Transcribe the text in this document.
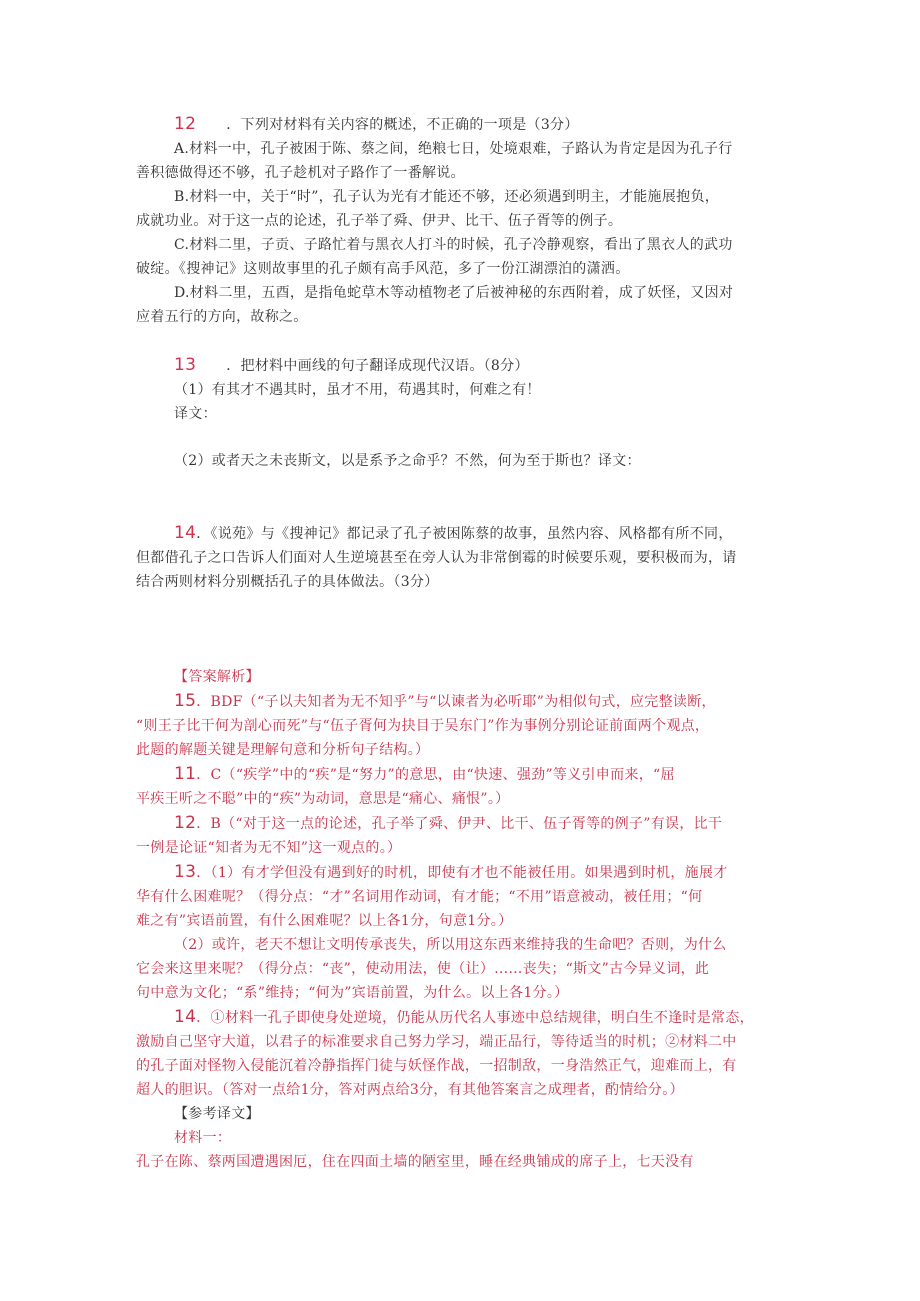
12 ．下列对材料有关内容的概述，不正确的一项是（3分）
A.材料一中，孔子被困于陈、蔡之间，绝粮七日，处境艰难，子路认为肯定是因为孔子行
善积德做得还不够，孔子趁机对子路作了一番解说。
B.材料一中，关于“时”，孔子认为光有才能还不够，还必须遇到明主，才能施展抱负，
成就功业。对于这一点的论述，孔子举了舜、伊尹、比干、伍子胥等的例子。
C.材料二里，子贡、子路忙着与黑衣人打斗的时候，孔子冷静观察，看出了黑衣人的武功
破绽。《搜神记》这则故事里的孔子颇有高手风范，多了一份江湖漂泊的潇洒。
D.材料二里，五酉，是指龟蛇草木等动植物老了后被神秘的东西附着，成了妖怪，又因对
应着五行的方向，故称之。
13 ．把材料中画线的句子翻译成现代汉语。（8分）
（1）有其才不遇其时，虽才不用，苟遇其时，何难之有！
译文：
（2）或者天之未丧斯文，以是系予之命乎？不然，何为至于斯也？译文：
14．《说苑》与《搜神记》都记录了孔子被困陈蔡的故事，虽然内容、风格都有所不同，
但都借孔子之口告诉人们面对人生逆境甚至在旁人认为非常倒霉的时候要乐观，要积极而为，请
结合两则材料分别概括孔子的具体做法。（3分）
【答案解析】
15．BDF（“子以夫知者为无不知乎”与“以谏者为必听耶”为相似句式，应完整读断，
“则王子比干何为剖心而死”与“伍子胥何为抉目于吴东门”作为事例分别论证前面两个观点，
此题的解题关键是理解句意和分析句子结构。）
11．C（“疾学”中的“疾”是“努力”的意思，由“快速、强劲”等义引申而来，“屈
平疾王听之不聪”中的“疾”为动词，意思是“痛心、痛恨”。）
12．B（“对于这一点的论述，孔子举了舜、伊尹、比干、伍子胥等的例子”有误，比干
一例是论证“知者为无不知”这一观点的。）
13．（1）有才学但没有遇到好的时机，即使有才也不能被任用。如果遇到时机，施展才
华有什么困难呢？（得分点：“才”名词用作动词，有才能；“不用”语意被动，被任用；“何
难之有”宾语前置，有什么困难呢？以上各1分，句意1分。）
（2）或许，老天不想让文明传承丧失，所以用这东西来维持我的生命吧？否则，为什么
它会来这里来呢？（得分点：“丧”，使动用法，使（让）……丧失；“斯文”古今异义词，此
句中意为文化；“系”维持；“何为”宾语前置，为什么。以上各1分。）
14．①材料一孔子即使身处逆境，仍能从历代名人事迹中总结规律，明白生不逢时是常态，
激励自己坚守大道，以君子的标准要求自己努力学习，端正品行，等待适当的时机；②材料二中
的孔子面对怪物入侵能沉着冷静指挥门徒与妖怪作战，一招制敌，一身浩然正气，迎难而上，有
超人的胆识。（答对一点给1分，答对两点给3分，有其他答案言之成理者，酌情给分。）
【参考译文】
材料一：
孔子在陈、蔡两国遭遇困厄，住在四面土墙的陋室里，睡在经典铺成的席子上，七天没有
